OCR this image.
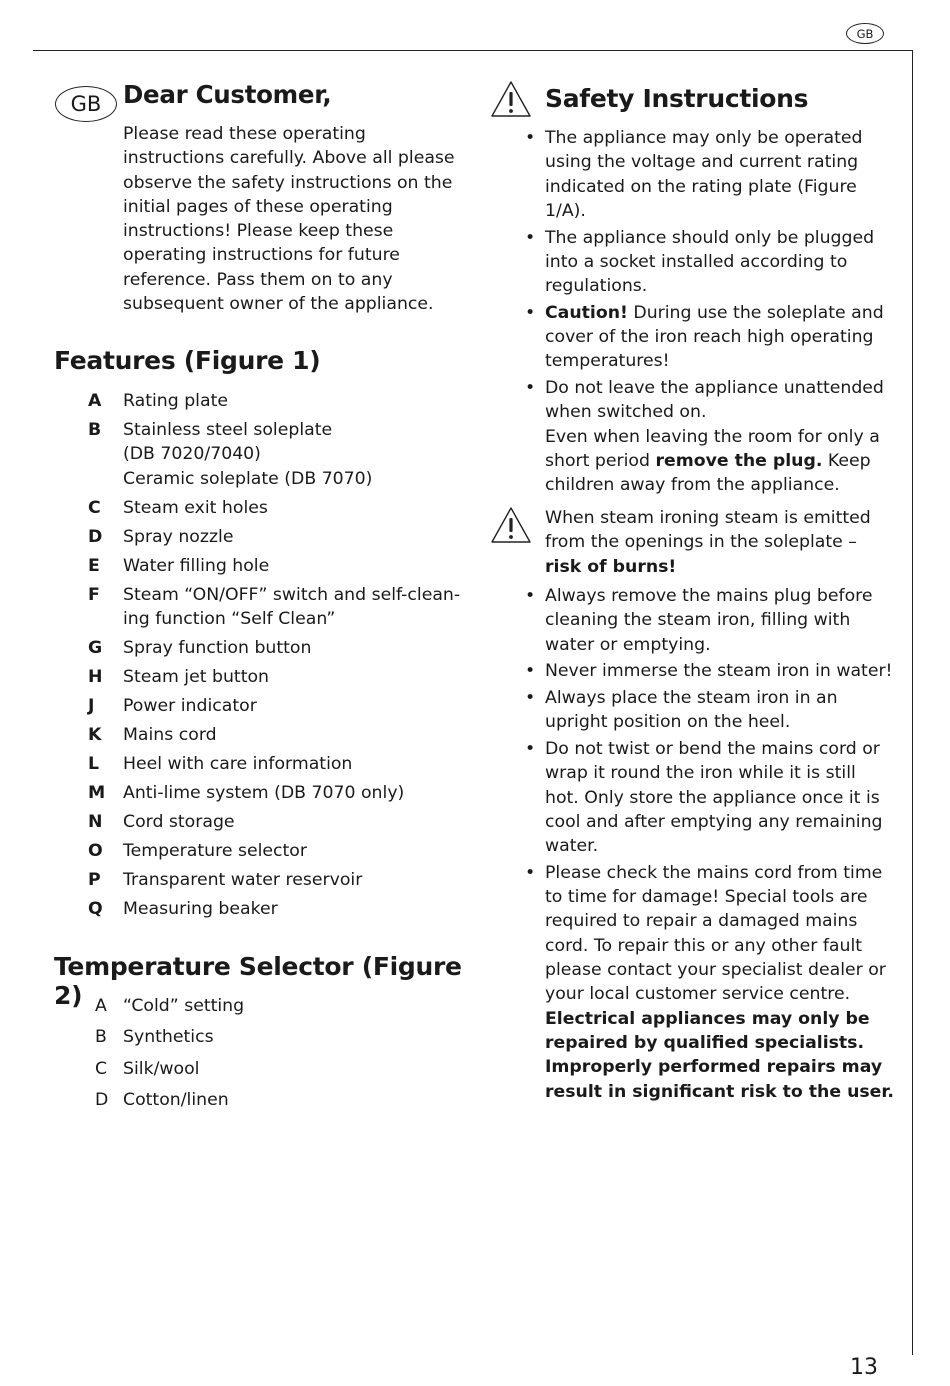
GB
GB Dear Customer,

Please read these operating instructions carefully. Above all please observe the safety instructions on the initial pages of these operating instructions! Please keep these operating instructions for future reference. Pass them on to any subsequent owner of the appliance.

Features (Figure 1)
A Rating plate
B Stainless steel soleplate
(DB 7020/7040)
Ceramic soleplate (DB 7070)
C Steam exit holes
D Spray nozzle
E Water filling hole
F Steam “ON/OFF” switch and self-clean-
ing function “Self Clean”
G Spray function button
H Steam jet button
J Power indicator
K Mains cord
L Heel with care information
M Anti-lime system (DB 7070 only)
N Cord storage
O Temperature selector
P Transparent water reservoir
Q Measuring beaker
Temperature Selector (Figure 2) A “Cold” setting
B Synthetics
C Silk/wool
D Cotton/linen
Safety Instructions
• The appliance may only be operated using the voltage and current rating indicated on the rating plate (Figure 1/A).
• The appliance should only be plugged into a socket installed according to regulations.
• Caution! During use the soleplate and cover of the iron reach high operating temperatures!
• Do not leave the appliance unattended when switched on.
Even when leaving the room for only a short period remove the plug. Keep children away from the appliance.

When steam ironing steam is emitted from the openings in the soleplate – risk of burns!

• Always remove the mains plug before cleaning the steam iron, filling with water or emptying.
• Never immerse the steam iron in water!
• Always place the steam iron in an upright position on the heel.
• Do not twist or bend the mains cord or wrap it round the iron while it is still hot. Only store the appliance once it is cool and after emptying any remaining water.
• Please check the mains cord from time to time for damage! Special tools are required to repair a damaged mains cord. To repair this or any other fault please contact your specialist dealer or your local customer service centre. Electrical appliances may only be repaired by qualified specialists. Improperly performed repairs may result in significant risk to the user.
13
